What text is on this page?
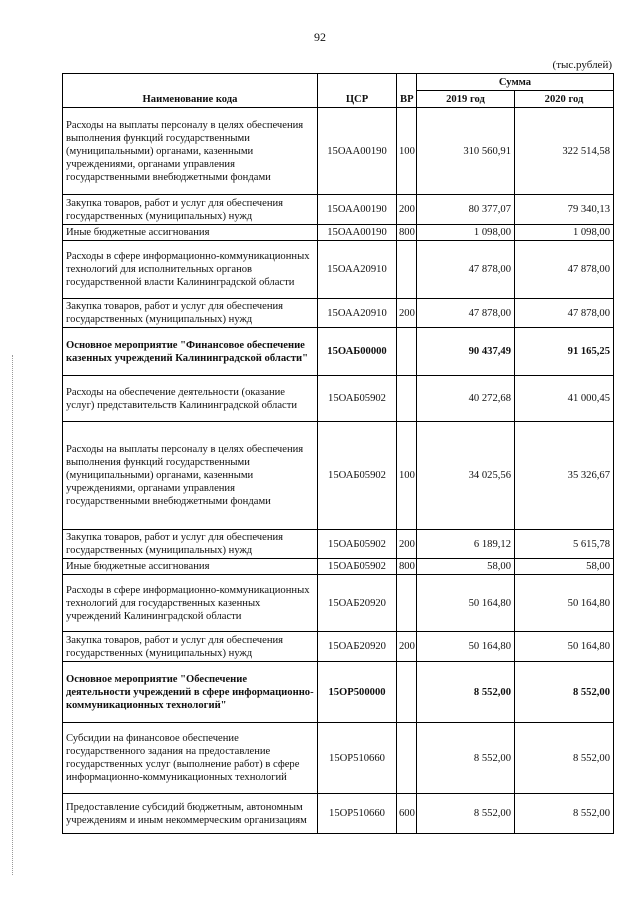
92
(тыс.рублей)
Наименование кода	ЦСР	ВР	Сумма	
			2019 год	2020 год
Расходы на выплаты персоналу в целях обеспечения выполнения функций государственными (муниципальными) органами, казенными учреждениями, органами управления государственными внебюджетными фондами	15ОАА00190	100	310 560,91	322 514,58
Закупка товаров, работ и услуг для обеспечения государственных (муниципальных) нужд	15ОАА00190	200	80 377,07	79 340,13
Иные бюджетные ассигнования	15ОАА00190	800	1 098,00	1 098,00
Расходы в сфере информационно-коммуникационных технологий для исполнительных органов государственной власти Калининградской области	15ОАА20910		47 878,00	47 878,00
Закупка товаров, работ и услуг для обеспечения государственных (муниципальных) нужд	15ОАА20910	200	47 878,00	47 878,00
Основное мероприятие "Финансовое обеспечение казенных учреждений Калининградской области"	15ОАБ00000		90 437,49	91 165,25
Расходы на обеспечение деятельности (оказание услуг) представительств Калининградской области	15ОАБ05902		40 272,68	41 000,45
Расходы на выплаты персоналу в целях обеспечения выполнения функций государственными (муниципальными) органами, казенными учреждениями, органами управления государственными внебюджетными фондами	15ОАБ05902	100	34 025,56	35 326,67
Закупка товаров, работ и услуг для обеспечения государственных (муниципальных) нужд	15ОАБ05902	200	6 189,12	5 615,78
Иные бюджетные ассигнования	15ОАБ05902	800	58,00	58,00
Расходы в сфере информационно-коммуникационных технологий для государственных казенных учреждений Калининградской области	15ОАБ20920		50 164,80	50 164,80
Закупка товаров, работ и услуг для обеспечения государственных (муниципальных) нужд	15ОАБ20920	200	50 164,80	50 164,80
Основное мероприятие "Обеспечение деятельности учреждений в сфере информационно-коммуникационных технологий"	15ОР500000		8 552,00	8 552,00
Субсидии на финансовое обеспечение государственного задания на предоставление государственных услуг (выполнение работ) в сфере информационно-коммуникационных технологий	15ОР510660		8 552,00	8 552,00
Предоставление субсидий бюджетным, автономным учреждениям и иным некоммерческим организациям	15ОР510660	600	8 552,00	8 552,00
